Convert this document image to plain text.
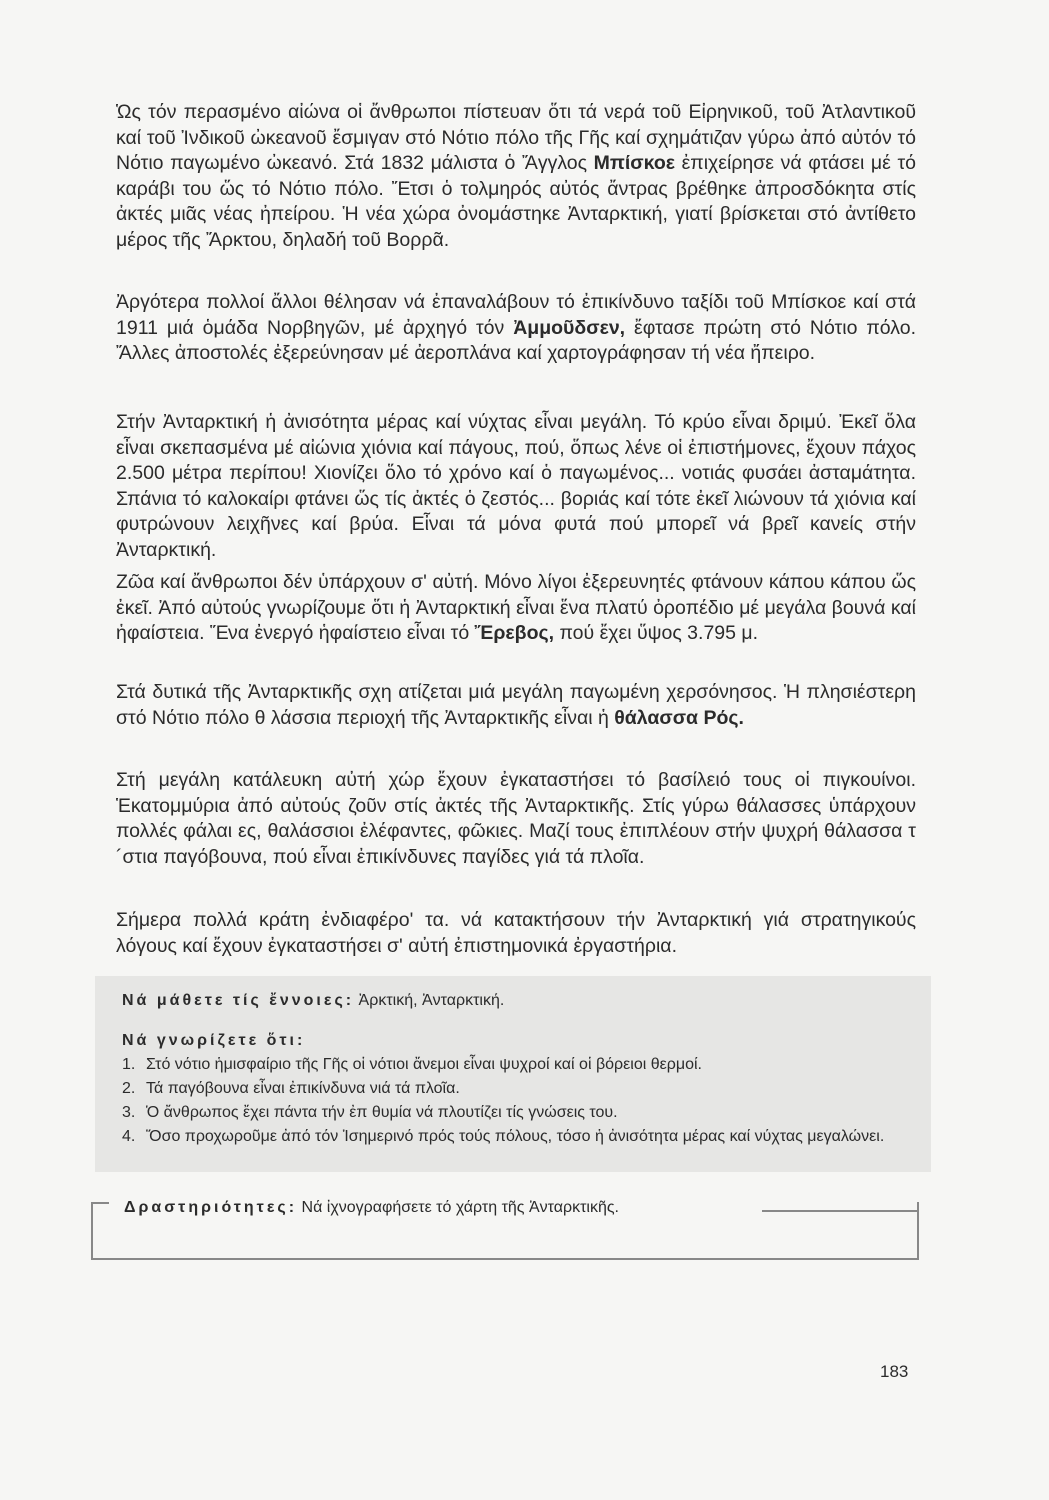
Ὡς τόν περασμένο αἰώνα οἱ ἄνθρωποι πίστευαν ὅτι τά νερά τοῦ Εἰρηνικοῦ, τοῦ Ἀτλαντικοῦ καί τοῦ Ἰνδικοῦ ὠκεανοῦ ἔσμιγαν στό Νότιο πόλο τῆς Γῆς καί σχημάτιζαν γύρω ἀπό αὐτόν τό Νότιο παγωμένο ὠκεανό. Στά 1832 μάλιστα ὁ Ἄγγλος Μπίσκοε ἐπιχείρησε νά φτάσει μέ τό καράβι του ὥς τό Νότιο πόλο. Ἔτσι ὁ τολμηρός αὐτός ἄντρας βρέθηκε ἀπροσδόκητα στίς ἀκτές μιᾶς νέας ἠπείρου. Ἡ νέα χώρα ὀνομάστηκε Ἀνταρκτική, γιατί βρίσκεται στό ἀντίθετο μέρος τῆς Ἄρκτου, δηλαδή τοῦ Βορρᾶ.

Ἀργότερα πολλοί ἄλλοι θέλησαν νά ἐπαναλάβουν τό ἐπικίνδυνο ταξίδι τοῦ Μπίσκοε καί στά 1911 μιά ὁμάδα Νορβηγῶν, μέ ἀρχηγό τόν Ἀμμοῦδσεν, ἔφτασε πρώτη στό Νότιο πόλο. Ἄλλες ἀποστολές ἐξερεύνησαν μέ ἀεροπλάνα καί χαρτογράφησαν τή νέα ἤπειρο.

Στήν Ἀνταρκτική ἡ ἀνισότητα μέρας καί νύχτας εἶναι μεγάλη. Τό κρύο εἶναι δριμύ. Ἐκεῖ ὅλα εἶναι σκεπασμένα μέ αἰώνια χιόνια καί πάγους, πού, ὅπως λένε οἱ ἐπιστήμονες, ἔχουν πάχος 2.500 μέτρα περίπου! Χιονίζει ὅλο τό χρόνο καί ὁ παγωμένος... νοτιάς φυσάει ἀσταμάτητα. Σπάνια τό καλοκαίρι φτάνει ὥς τίς ἀκτές ὁ ζεστός... βοριάς καί τότε ἐκεῖ λιώνουν τά χιόνια καί φυτρώνουν λειχῆνες καί βρύα. Εἶναι τά μόνα φυτά πού μπορεῖ νά βρεῖ κανείς στήν Ἀνταρκτική.

Ζῶα καί ἄνθρωποι δέν ὑπάρχουν σ' αὐτή. Μόνο λίγοι ἐξερευνητές φτάνουν κάπου κάπου ὥς ἐκεῖ. Ἀπό αὐτούς γνωρίζουμε ὅτι ἡ Ἀνταρκτική εἶναι ἕνα πλατύ ὀροπέδιο μέ μεγάλα βουνά καί ἡφαίστεια. Ἕνα ἐνεργό ἡφαίστειο εἶναι τό Ἔρεβος, πού ἔχει ὕψος 3.795 μ.

Στά δυτικά τῆς Ἀνταρκτικῆς σχη ατίζεται μιά μεγάλη παγωμένη χερσόνησος. Ἡ πλησιέστερη στό Νότιο πόλο θ λάσσια περιοχή τῆς Ἀνταρκτικῆς εἶναι ἡ θάλασσα Ρός.

Στή μεγάλη κατάλευκη αὐτή χώρ ἔχουν ἐγκαταστήσει τό βασίλειό τους οἱ πιγκουίνοι. Ἑκατομμύρια ἀπό αὐτούς ζοῦν στίς ἀκτές τῆς Ἀνταρκτικῆς. Στίς γύρω θάλασσες ὑπάρχουν πολλές φάλαι ες, θαλάσσιοι ἐλέφαντες, φῶκιες. Μαζί τους ἐπιπλέουν στήν ψυχρή θάλασσα τ ´στια παγόβουνα, πού εἶναι ἐπικίνδυνες παγίδες γιά τά πλοῖα.

Σήμερα πολλά κράτη ἐνδιαφέρο' τα. νά κατακτήσουν τήν Ἀνταρκτική γιά στρατηγικούς λόγους καί ἔχουν ἐγκαταστήσει σ' αὐτή ἐπιστημονικά ἐργαστήρια.

Νά μάθετε τίς ἔννοιες: Ἀρκτική, Ἀνταρκτική.
Νά γνωρίζετε ὅτι:
1. Στό νότιο ἡμισφαίριο τῆς Γῆς οἱ νότιοι ἄνεμοι εἶναι ψυχροί καί οἱ βόρειοι θερμοί.
2. Τά παγόβουνα εἶναι ἐπικίνδυνα νιά τά πλοῖα.
3. Ὁ ἄνθρωπος ἔχει πάντα τήν ἐπ θυμία νά πλουτίζει τίς γνώσεις του.
4. Ὅσο προχωροῦμε ἀπό τόν Ἰσημερινό πρός τούς πόλους, τόσο ἡ ἀνισότητα μέρας καί νύχτας μεγαλώνει.
Δραστηριότητες: Νά ἰχνογραφήσετε τό χάρτη τῆς Ἀνταρκτικῆς.
183
